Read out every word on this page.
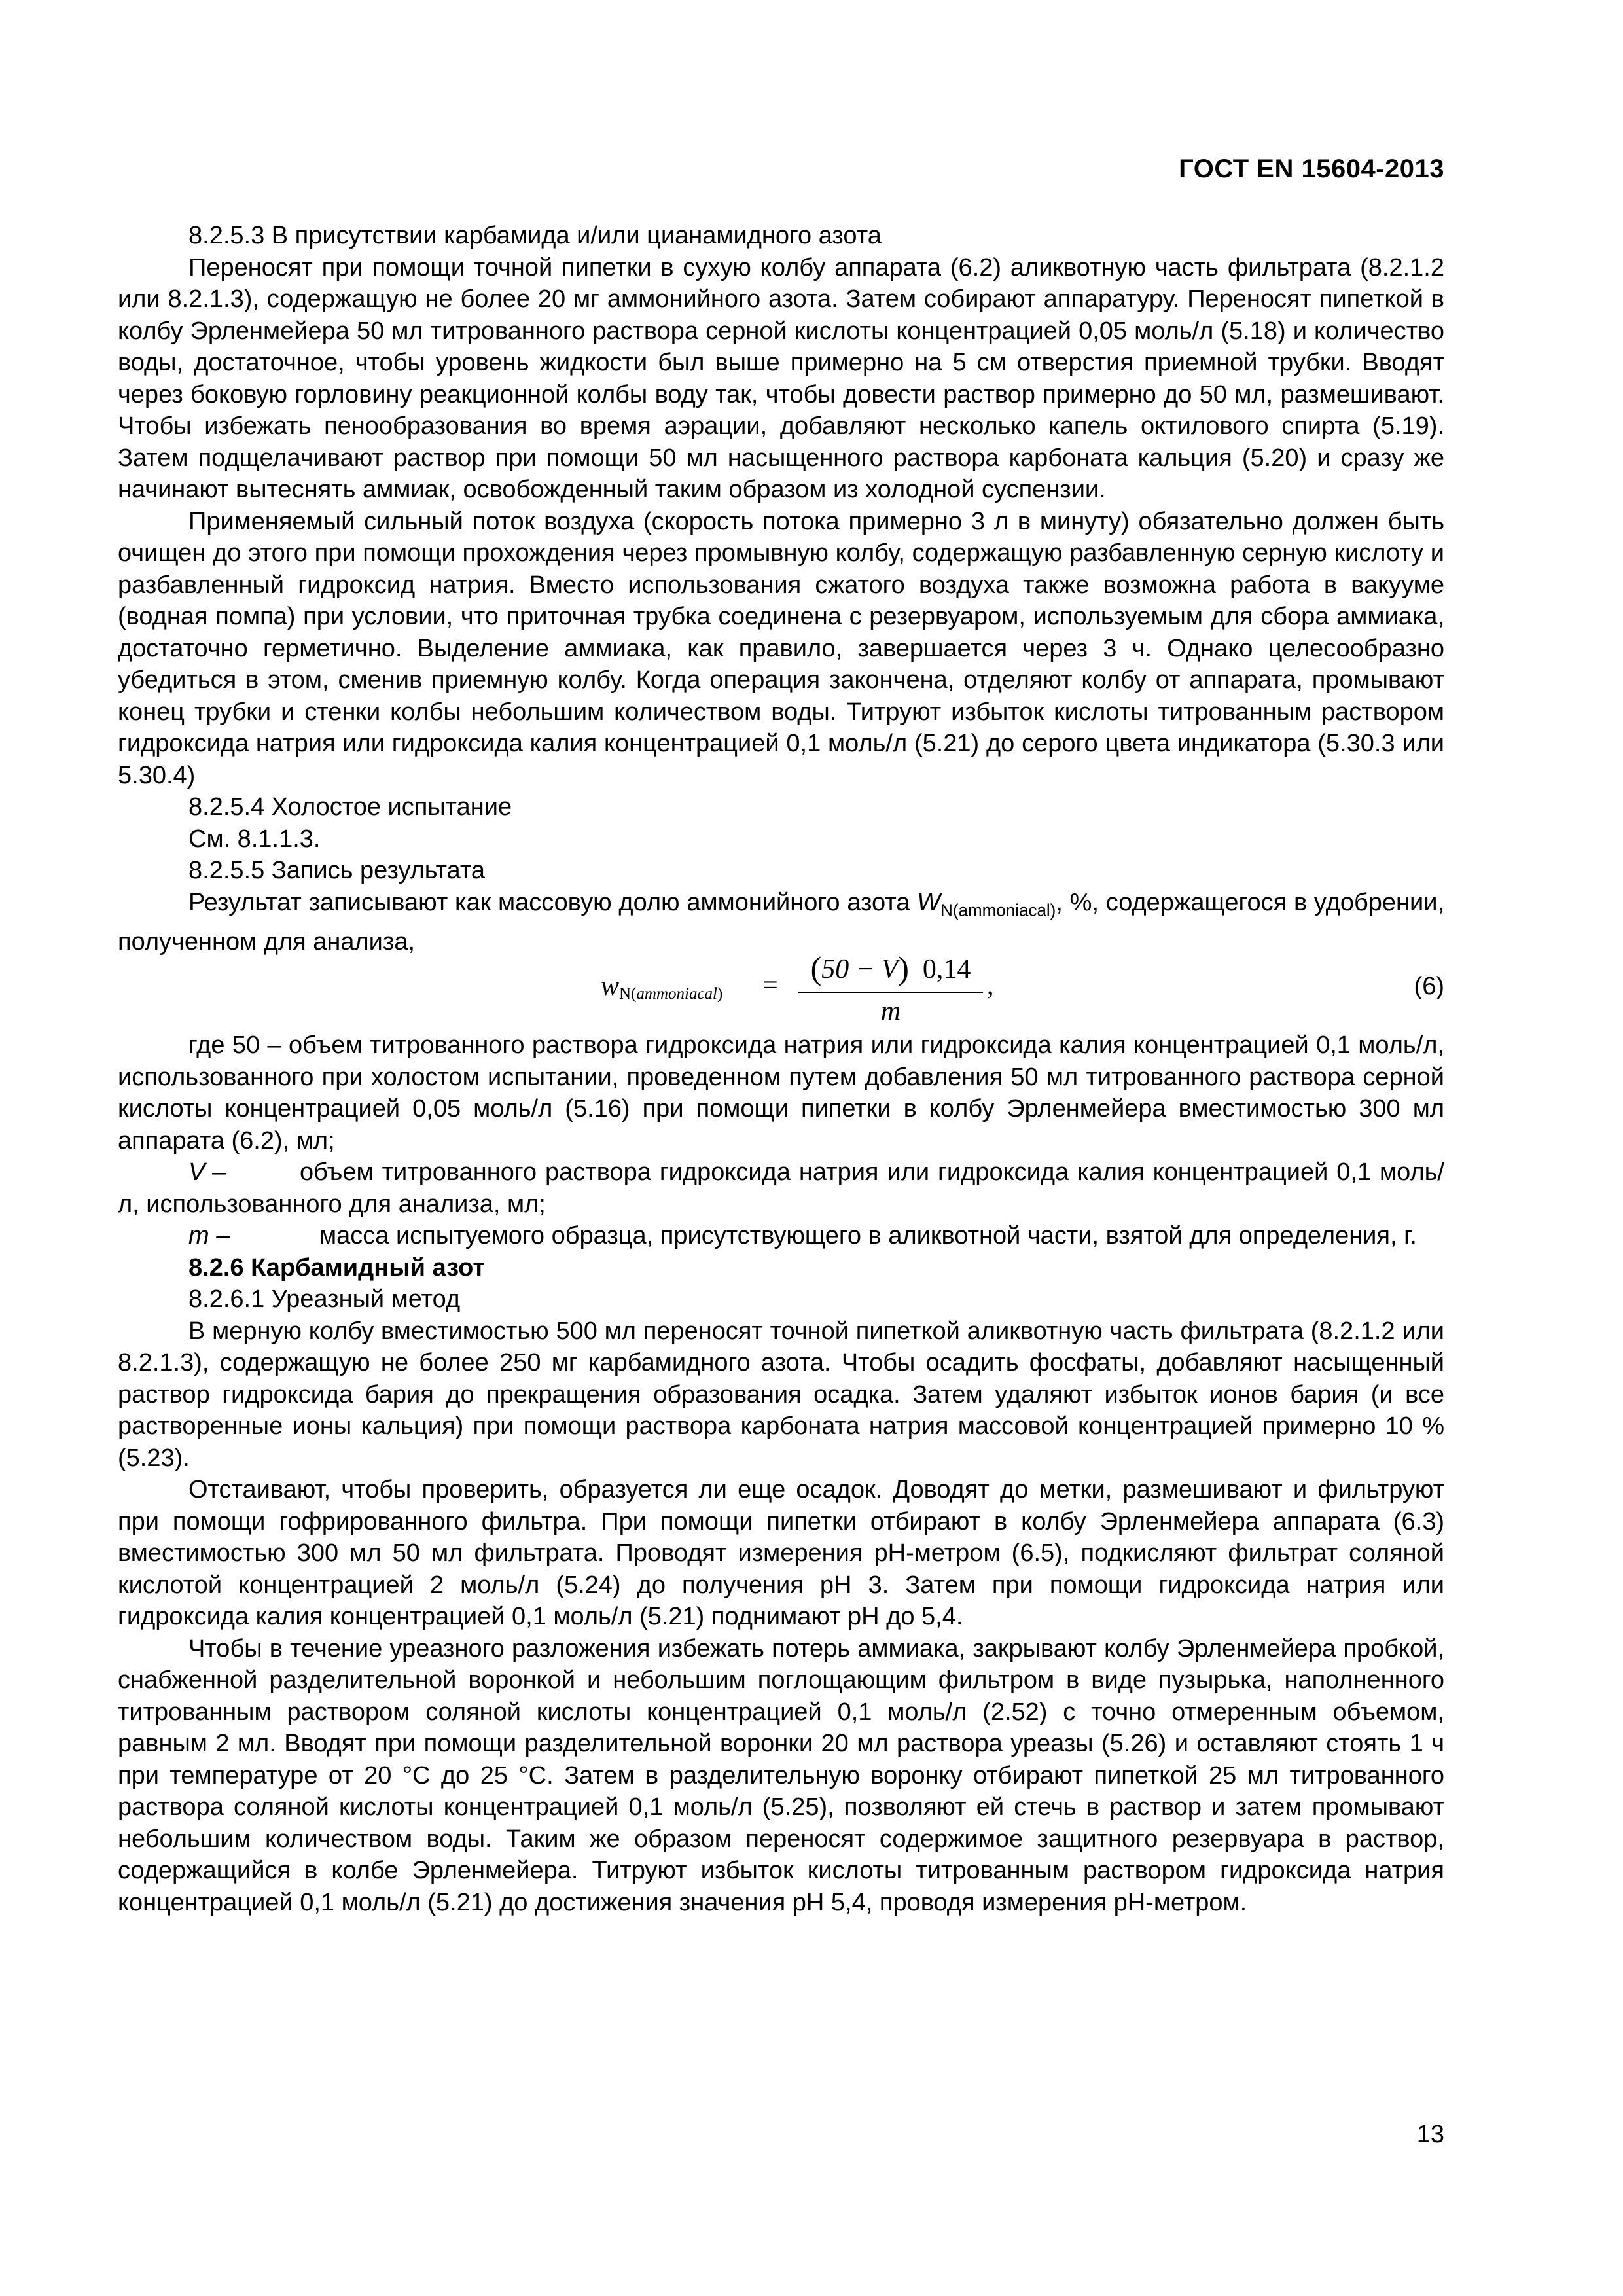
ГОСТ EN 15604-2013

8.2.5.3 В присутствии карбамида и/или цианамидного азота

Переносят при помощи точной пипетки в сухую колбу аппарата (6.2) аликвотную часть фильтрата (8.2.1.2 или 8.2.1.3), содержащую не более 20 мг аммонийного азота. Затем собирают аппаратуру. Переносят пипеткой в колбу Эрленмейера 50 мл титрованного раствора серной кислоты концентрацией 0,05 моль/л (5.18) и количество воды, достаточное, чтобы уровень жидкости был выше примерно на 5 см отверстия приемной трубки. Вводят через боковую горловину реакционной колбы воду так, чтобы довести раствор примерно до 50 мл, размешивают. Чтобы избежать пенообразования во время аэрации, добавляют несколько капель октилового спирта (5.19). Затем подщелачивают раствор при помощи 50 мл насыщенного раствора карбоната кальция (5.20) и сразу же начинают вытеснять аммиак, освобожденный таким образом из холодной суспензии.

Применяемый сильный поток воздуха (скорость потока примерно 3 л в минуту) обязательно должен быть очищен до этого при помощи прохождения через промывную колбу, содержащую разбавленную серную кислоту и разбавленный гидроксид натрия. Вместо использования сжатого воздуха также возможна работа в вакууме (водная помпа) при условии, что приточная трубка соединена с резервуаром, используемым для сбора аммиака, достаточно герметично. Выделение аммиака, как правило, завершается через 3 ч. Однако целесообразно убедиться в этом, сменив приемную колбу. Когда операция закончена, отделяют колбу от аппарата, промывают конец трубки и стенки колбы небольшим количеством воды. Титруют избыток кислоты титрованным раствором гидроксида натрия или гидроксида калия концентрацией 0,1 моль/л (5.21) до серого цвета индикатора (5.30.3 или 5.30.4)

8.2.5.4 Холостое испытание

См. 8.1.1.3.

8.2.5.5 Запись результата

Результат записывают как массовую долю аммонийного азота $W_{N(ammoniacal)}$, %, содержащегося в удобрении, полученном для анализа,

wN(ammoniacal) = (50 − V) 0,14
m
,	(6)

где 50 – объем титрованного раствора гидроксида натрия или гидроксида калия концентрацией 0,1 моль/л, использованного при холостом испытании, проведенном путем добавления 50 мл титрованного раствора серной кислоты концентрацией 0,05 моль/л (5.16) при помощи пипетки в колбу Эрленмейера вместимостью 300 мл аппарата (6.2), мл;

V –	объем титрованного раствора гидроксида натрия или гидроксида калия концентрацией 0,1 моль/л, использованного для анализа, мл;

m –	масса испытуемого образца, присутствующего в аликвотной части, взятой для определения, г.

8.2.6 Карбамидный азот

8.2.6.1 Уреазный метод

В мерную колбу вместимостью 500 мл переносят точной пипеткой аликвотную часть фильтрата (8.2.1.2 или 8.2.1.3), содержащую не более 250 мг карбамидного азота. Чтобы осадить фосфаты, добавляют насыщенный раствор гидроксида бария до прекращения образования осадка. Затем удаляют избыток ионов бария (и все растворенные ионы кальция) при помощи раствора карбоната натрия массовой концентрацией примерно 10 % (5.23).

Отстаивают, чтобы проверить, образуется ли еще осадок. Доводят до метки, размешивают и фильтруют при помощи гофрированного фильтра. При помощи пипетки отбирают в колбу Эрленмейера аппарата (6.3) вместимостью 300 мл 50 мл фильтрата. Проводят измерения pH-метром (6.5), подкисляют фильтрат соляной кислотой концентрацией 2 моль/л (5.24) до получения pH 3. Затем при помощи гидроксида натрия или гидроксида калия концентрацией 0,1 моль/л (5.21) поднимают pH до 5,4.

Чтобы в течение уреазного разложения избежать потерь аммиака, закрывают колбу Эрленмейера пробкой, снабженной разделительной воронкой и небольшим поглощающим фильтром в виде пузырька, наполненного титрованным раствором соляной кислоты концентрацией 0,1 моль/л (2.52) с точно отмеренным объемом, равным 2 мл. Вводят при помощи разделительной воронки 20 мл раствора уреазы (5.26) и оставляют стоять 1 ч при температуре от 20 °С до 25 °С. Затем в разделительную воронку отбирают пипеткой 25 мл титрованного раствора соляной кислоты концентрацией 0,1 моль/л (5.25), позволяют ей стечь в раствор и затем промывают небольшим количеством воды. Таким же образом переносят содержимое защитного резервуара в раствор, содержащийся в колбе Эрленмейера. Титруют избыток кислоты титрованным раствором гидроксида натрия концентрацией 0,1 моль/л (5.21) до достижения значения pH 5,4, проводя измерения pH-метром.

13
